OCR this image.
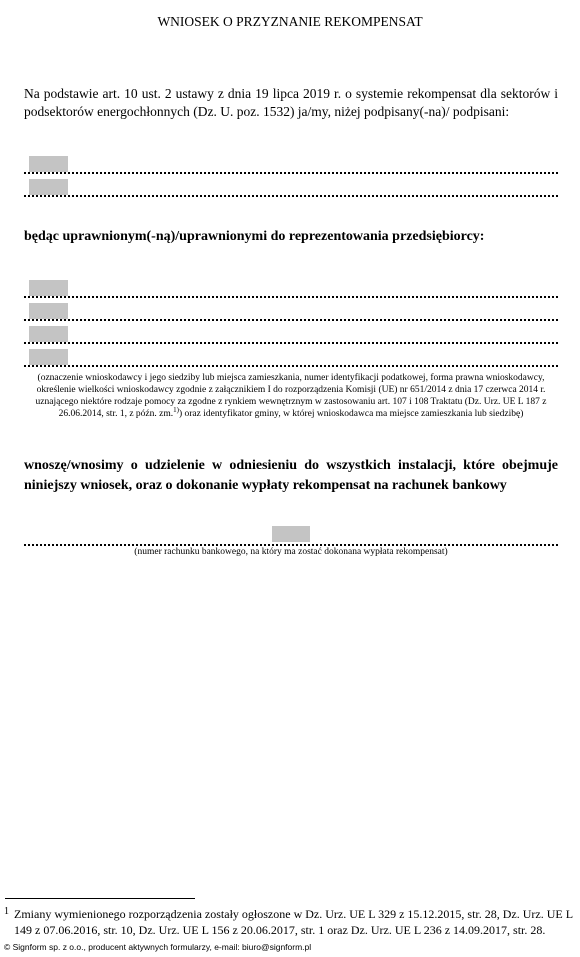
WNIOSEK O PRZYZNANIE REKOMPENSAT
Na podstawie art. 10 ust. 2 ustawy z dnia 19 lipca 2019 r. o systemie rekompensat dla sektorów i podsektorów energochłonnych (Dz. U. poz. 1532) ja/my, niżej podpisany(-na)/ podpisani:
będąc uprawnionym(-ną)/uprawnionymi do reprezentowania przedsiębiorcy:
(oznaczenie wnioskodawcy i jego siedziby lub miejsca zamieszkania, numer identyfikacji podatkowej, forma prawna wnioskodawcy, określenie wielkości wnioskodawcy zgodnie z załącznikiem I do rozporządzenia Komisji (UE) nr 651/2014 z dnia 17 czerwca 2014 r. uznającego niektóre rodzaje pomocy za zgodne z rynkiem wewnętrznym w zastosowaniu art. 107 i 108 Traktatu (Dz. Urz. UE L 187 z 26.06.2014, str. 1, z późn. zm.$^{1)}$) oraz identyfikator gminy, w której wnioskodawca ma miejsce zamieszkania lub siedzibę)
wnoszę/wnosimy o udzielenie w odniesieniu do wszystkich instalacji, które obejmuje niniejszy wniosek, oraz o dokonanie wypłaty rekompensat na rachunek bankowy
(numer rachunku bankowego, na który ma zostać dokonana wypłata rekompensat)
1 Zmiany wymienionego rozporządzenia zostały ogłoszone w Dz. Urz. UE L 329 z 15.12.2015, str. 28, Dz. Urz. UE L 149 z 07.06.2016, str. 10, Dz. Urz. UE L 156 z 20.06.2017, str. 1 oraz Dz. Urz. UE L 236 z 14.09.2017, str. 28.
© Signform sp. z o.o., producent aktywnych formularzy, e-mail: biuro@signform.pl
